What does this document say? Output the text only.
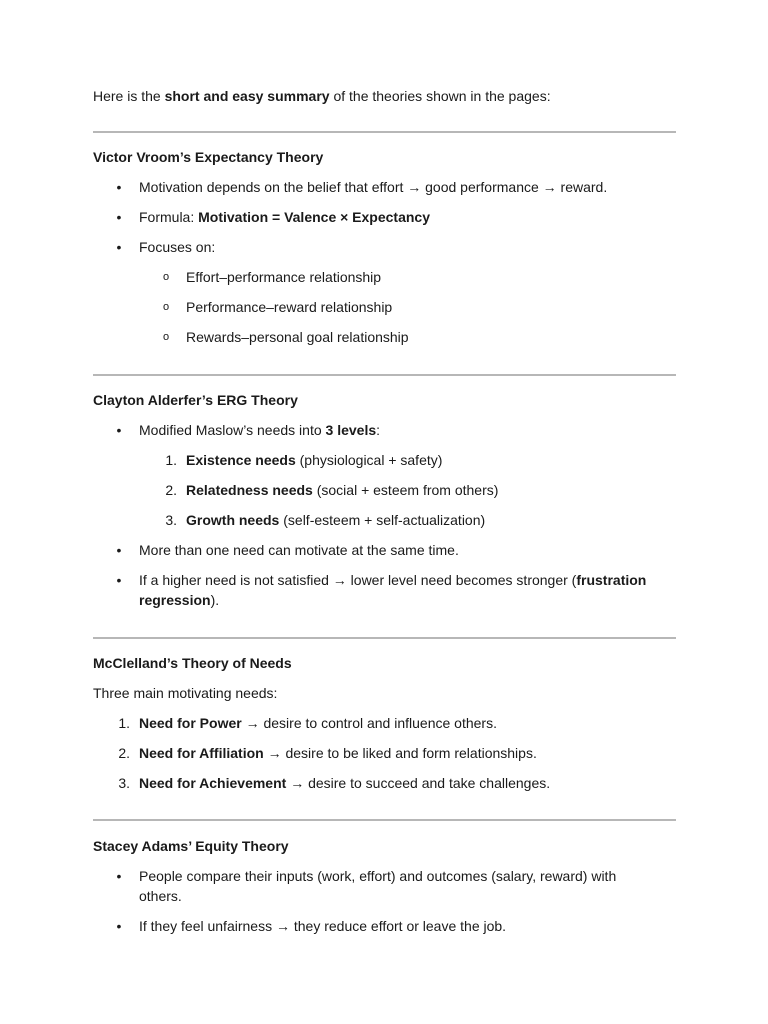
Here is the short and easy summary of the theories shown in the pages:
Victor Vroom’s Expectancy Theory
• Motivation depends on the belief that effort → good performance → reward.
• Formula: Motivation = Valence × Expectancy
• Focuses on:
o Effort–performance relationship
o Performance–reward relationship
o Rewards–personal goal relationship
Clayton Alderfer’s ERG Theory
• Modified Maslow’s needs into 3 levels:
1. Existence needs (physiological + safety)
2. Relatedness needs (social + esteem from others)
3. Growth needs (self-esteem + self-actualization)
• More than one need can motivate at the same time.
• If a higher need is not satisfied → lower level need becomes stronger (frustration
regression).
McClelland’s Theory of Needs
Three main motivating needs:
1. Need for Power → desire to control and influence others.
2. Need for Affiliation → desire to be liked and form relationships.
3. Need for Achievement → desire to succeed and take challenges.
Stacey Adams’ Equity Theory
• People compare their inputs (work, effort) and outcomes (salary, reward) with
others.
• If they feel unfairness → they reduce effort or leave the job.
